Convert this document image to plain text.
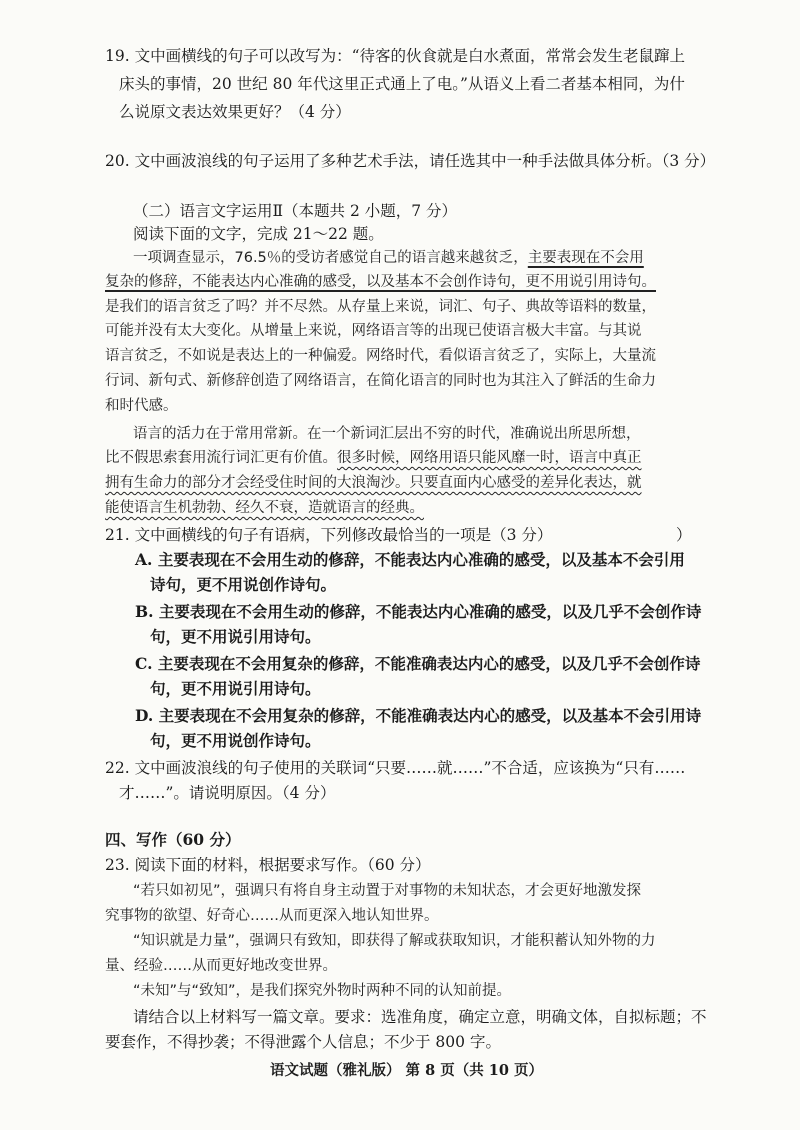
19. 文中画横线的句子可以改写为：“待客的伙食就是白水煮面，常常会发生老鼠蹿上
床头的事情，20 世纪 80 年代这里正式通上了电。”从语义上看二者基本相同，为什
么说原文表达效果更好？（4 分）
20. 文中画波浪线的句子运用了多种艺术手法，请任选其中一种手法做具体分析。（3 分）
（二）语言文字运用Ⅱ（本题共 2 小题，7 分）
阅读下面的文字，完成 21～22 题。
一项调查显示，76.5％的受访者感觉自己的语言越来越贫乏，主要表现在不会用
复杂的修辞，不能表达内心准确的感受，以及基本不会创作诗句，更不用说引用诗句。
是我们的语言贫乏了吗？并不尽然。从存量上来说，词汇、句子、典故等语料的数量，
可能并没有太大变化。从增量上来说，网络语言等的出现已使语言极大丰富。与其说
语言贫乏，不如说是表达上的一种偏爱。网络时代，看似语言贫乏了，实际上，大量流
行词、新句式、新修辞创造了网络语言，在简化语言的同时也为其注入了鲜活的生命力
和时代感。
语言的活力在于常用常新。在一个新词汇层出不穷的时代，准确说出所思所想，
比不假思索套用流行词汇更有价值。很多时候，网络用语只能风靡一时，语言中真正
拥有生命力的部分才会经受住时间的大浪淘沙。只要直面内心感受的差异化表达，就
能使语言生机勃勃、经久不衰，造就语言的经典。
21. 文中画横线的句子有语病，下列修改最恰当的一项是（3 分）	）
A. 主要表现在不会用生动的修辞，不能表达内心准确的感受，以及基本不会引用
诗句，更不用说创作诗句。
B. 主要表现在不会用生动的修辞，不能表达内心准确的感受，以及几乎不会创作诗
句，更不用说引用诗句。
C. 主要表现在不会用复杂的修辞，不能准确表达内心的感受，以及几乎不会创作诗
句，更不用说引用诗句。
D. 主要表现在不会用复杂的修辞，不能准确表达内心的感受，以及基本不会引用诗
句，更不用说创作诗句。
22. 文中画波浪线的句子使用的关联词“只要……就……”不合适，应该换为“只有……
才……”。请说明原因。（4 分）
四、写作（60 分）
23. 阅读下面的材料，根据要求写作。（60 分）
“若只如初见”，强调只有将自身主动置于对事物的未知状态，才会更好地激发探
究事物的欲望、好奇心……从而更深入地认知世界。
“知识就是力量”，强调只有致知，即获得了解或获取知识，才能积蓄认知外物的力
量、经验……从而更好地改变世界。
“未知”与“致知”，是我们探究外物时两种不同的认知前提。
请结合以上材料写一篇文章。要求：选准角度，确定立意，明确文体，自拟标题；不
要套作，不得抄袭；不得泄露个人信息；不少于 800 字。
语文试题（雅礼版） 第 8 页（共 10 页）
